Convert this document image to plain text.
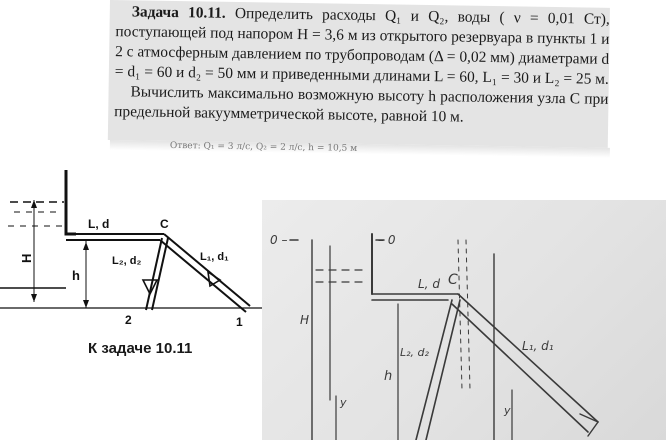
Задача 10.11. Определить расходы Q₁ и Q₂, воды ( ν = 0,01 Ст), поступающей под напором H = 3,6 м из открытого резервуара в пункты 1 и 2 с атмосферным давлением по трубопроводам (Δ = 0,02 мм) диаметрами d = d₁ = 60 и d₂ = 50 мм и приведенными длинами L = 60, L₁ = 30 и L₂ = 25 м.

Вычислить максимально возможную высоту h расположения узла C при предельной вакуумметрической высоте, равной 10 м.

Ответ: Q₁ = 3 л/с, Q₂ = 2 л/с, h = 10,5 м
H
L, d	C
h
L₂, d₂
2
L₁, d₁
1
К задаче 10.11
0 –	– 0
H
L, d C
h
L₂, d₂	L₁, d₁
y
y
